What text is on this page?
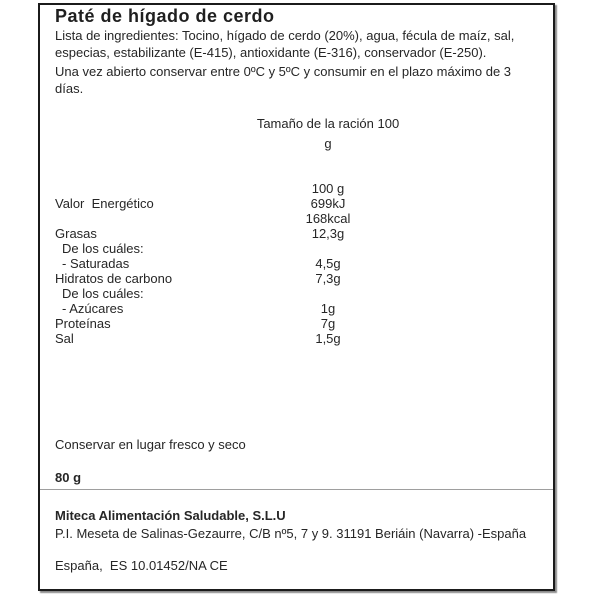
Paté de hígado de cerdo

Lista de ingredientes: Tocino, hígado de cerdo (20%), agua, fécula de maíz, sal, especias, estabilizante (E-415), antioxidante (E-316), conservador (E-250).

Una vez abierto conservar entre 0ºC y 5ºC y consumir en el plazo máximo de 3 días.

Tamaño de la ración 100 g
100 g
Valor  Energético	699kJ
168kcal
Grasas	12,3g
De los cuáles:
- Saturadas	4,5g
Hidratos de carbono	7,3g
De los cuáles:
- Azúcares	1g
Proteínas	7g
Sal	1,5g
Conservar en lugar fresco y seco
80 g
Miteca Alimentación Saludable, S.L.U
P.I. Meseta de Salinas-Gezaurre, C/B nº5, 7 y 9. 31191 Beriáin (Navarra) -España
España,  ES 10.01452/NA CE
